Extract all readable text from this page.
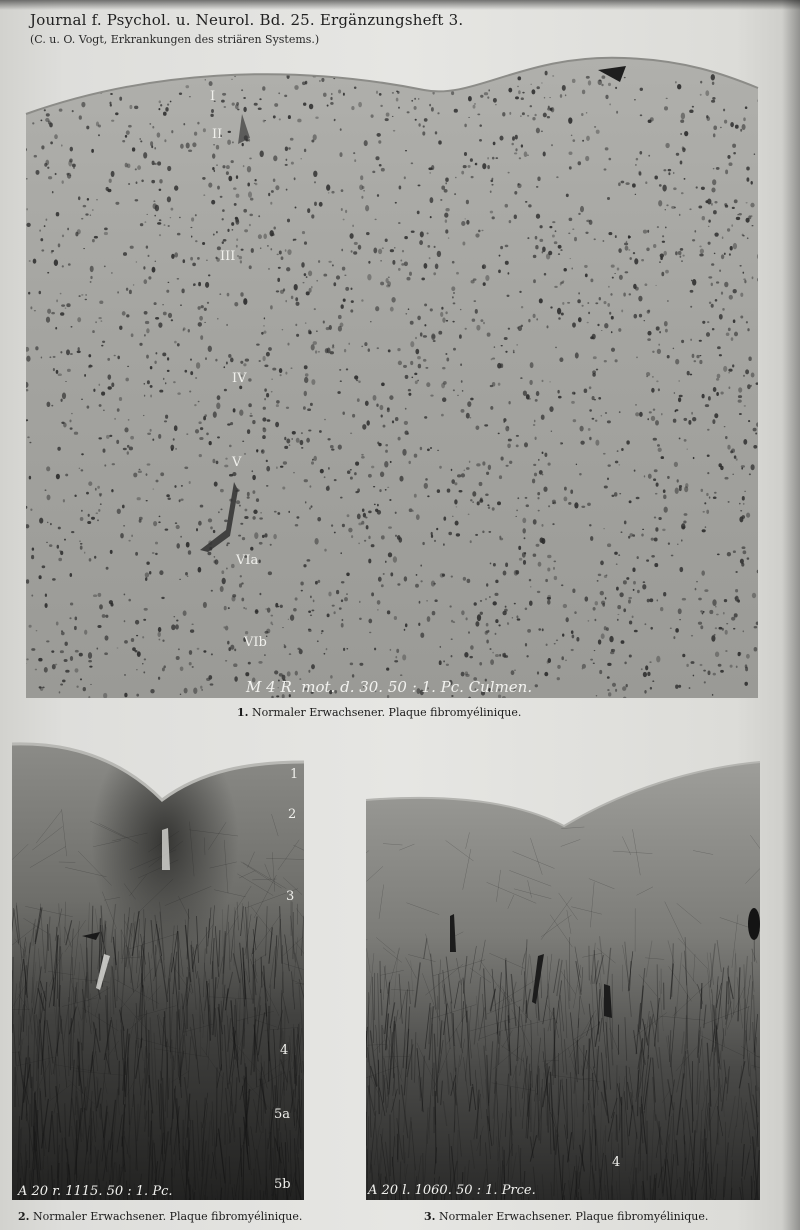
Journal f. Psychol. u. Neurol. Bd. 25. Ergänzungsheft 3.
(C. u. O. Vogt, Erkrankungen des striären Systems.)
I
II
III
IV
V
VIa
VIb
M 4 R. mot. d. 30. 50 : 1. Pc. Culmen.
1. Normaler Erwachsener. Plaque fibromyélinique.
1
2
3
4
5a
5b
A 20 r. 1115. 50 : 1. Pc.
2. Normaler Erwachsener. Plaque fibromyélinique.
4
A 20 l. 1060. 50 : 1. Prce.
3. Normaler Erwachsener. Plaque fibromyélinique.
